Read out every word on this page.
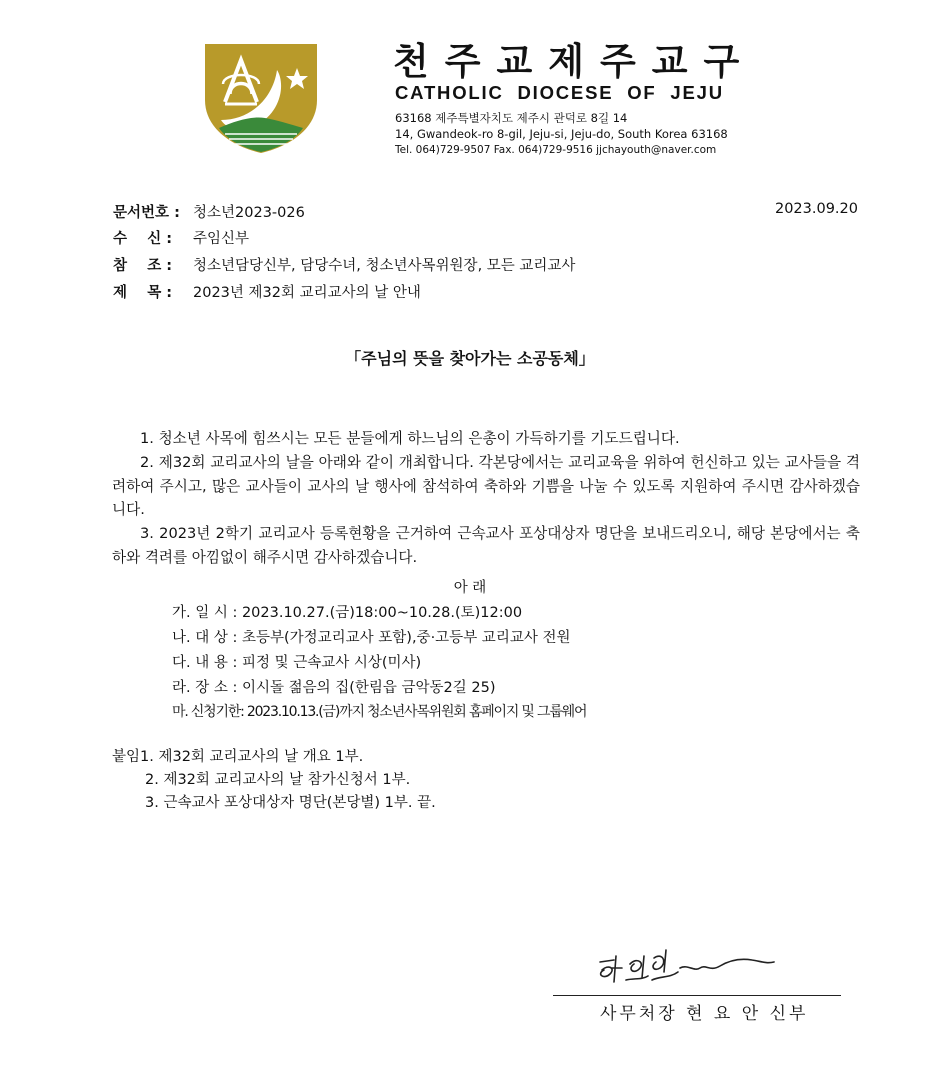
천주교제주교구
CATHOLIC  DIOCESE  OF  JEJU
63168 제주특별자치도 제주시 관덕로 8길 14
14, Gwandeok-ro 8-gil, Jeju-si, Jeju-do, South Korea 63168
Tel. 064)729-9507 Fax. 064)729-9516 jjchayouth@naver.com
문서번호 : 청소년2023-026	2023.09.20
수    신 : 주임신부
참    조 : 청소년담당신부, 담당수녀, 청소년사목위원장, 모든 교리교사
제    목 : 2023년 제32회 교리교사의 날 안내
「주님의 뜻을 찾아가는 소공동체」
1. 청소년 사목에 힘쓰시는 모든 분들에게 하느님의 은총이 가득하기를 기도드립니다.
2. 제32회 교리교사의 날을 아래와 같이 개최합니다. 각본당에서는 교리교육을 위하여 헌신하고 있는 교사들을 격려하여 주시고, 많은 교사들이 교사의 날 행사에 참석하여 축하와 기쁨을 나눌 수 있도록 지원하여 주시면 감사하겠습니다.
3. 2023년 2학기 교리교사 등록현황을 근거하여 근속교사 포상대상자 명단을 보내드리오니, 해당 본당에서는 축하와 격려를 아낌없이 해주시면 감사하겠습니다.
아 래
가. 일 시 : 2023.10.27.(금)18:00~10.28.(토)12:00
나. 대 상 : 초등부(가정교리교사 포함),중·고등부 교리교사 전원
다. 내 용 : 피정 및 근속교사 시상(미사)
라. 장 소 : 이시돌 젊음의 집(한림읍 금악동2길 25)
마. 신청기한: 2023.10.13.(금)까지 청소년사목위원회 홈페이지 및 그룹웨어
붙임1. 제32회 교리교사의 날 개요 1부.
2. 제32회 교리교사의 날 참가신청서 1부.
3. 근속교사 포상대상자 명단(본당별) 1부. 끝.
사무처장 현 요 안 신부
